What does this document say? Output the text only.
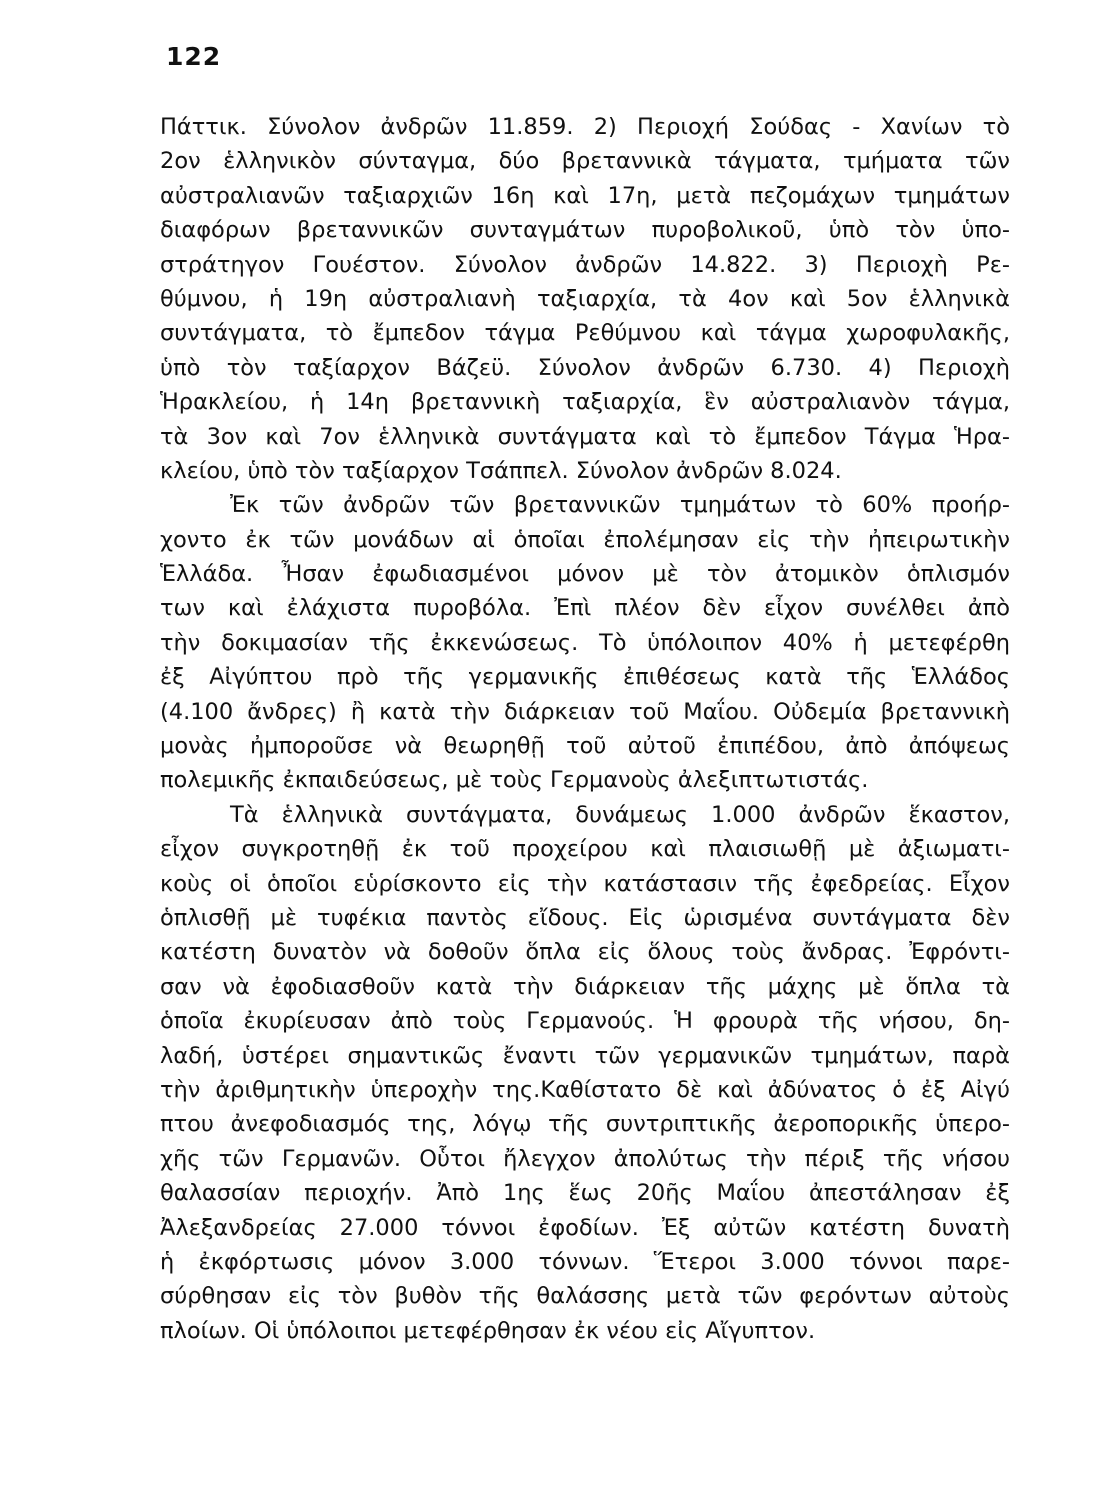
122
Πάττικ. Σύνολον ἀνδρῶν 11.859. 2) Περιοχή Σούδας - Χανίων τὸ
2ον ἑλληνικὸν σύνταγμα, δύο βρεταννικὰ τάγματα, τμήματα τῶν
αὐστραλιανῶν ταξιαρχιῶν 16η καὶ 17η, μετὰ πεζομάχων τμημάτων
διαφόρων βρεταννικῶν συνταγμάτων πυροβολικοῦ, ὑπὸ τὸν ὑπο-
στράτηγον Γουέστον. Σύνολον ἀνδρῶν 14.822. 3) Περιοχὴ Ρε-
θύμνου, ἡ 19η αὐστραλιανὴ ταξιαρχία, τὰ 4ον καὶ 5ον ἑλληνικὰ
συντάγματα, τὸ ἔμπεδον τάγμα Ρεθύμνου καὶ τάγμα χωροφυλακῆς,
ὑπὸ τὸν ταξίαρχον Βάζεϋ. Σύνολον ἀνδρῶν 6.730. 4) Περιοχὴ
Ἡρακλείου, ἡ 14η βρεταννικὴ ταξιαρχία, ἓν αὐστραλιανὸν τάγμα,
τὰ 3ον καὶ 7ον ἑλληνικὰ συντάγματα καὶ τὸ ἔμπεδον Τάγμα Ἡρα-
κλείου, ὑπὸ τὸν ταξίαρχον Τσάππελ. Σύνολον ἀνδρῶν 8.024.
Ἐκ τῶν ἀνδρῶν τῶν βρεταννικῶν τμημάτων τὸ 60% προήρ-
χοντο ἐκ τῶν μονάδων αἱ ὁποῖαι ἐπολέμησαν εἰς τὴν ἠπειρωτικὴν
Ἑλλάδα. Ἦσαν ἐφωδιασμένοι μόνον μὲ τὸν ἀτομικὸν ὁπλισμόν
των καὶ ἐλάχιστα πυροβόλα. Ἐπὶ πλέον δὲν εἶχον συνέλθει ἀπὸ
τὴν δοκιμασίαν τῆς ἐκκενώσεως. Τὸ ὑπόλοιπον 40% ἡ μετεφέρθη
ἐξ Αἰγύπτου πρὸ τῆς γερμανικῆς ἐπιθέσεως κατὰ τῆς Ἑλλάδος
(4.100 ἄνδρες) ἢ κατὰ τὴν διάρκειαν τοῦ Μαΐου. Οὐδεμία βρεταννικὴ
μονὰς ἠμποροῦσε νὰ θεωρηθῇ τοῦ αὐτοῦ ἐπιπέδου, ἀπὸ ἀπόψεως
πολεμικῆς ἐκπαιδεύσεως, μὲ τοὺς Γερμανοὺς ἀλεξιπτωτιστάς.
Τὰ ἑλληνικὰ συντάγματα, δυνάμεως 1.000 ἀνδρῶν ἕκαστον,
εἶχον συγκροτηθῇ ἐκ τοῦ προχείρου καὶ πλαισιωθῇ μὲ ἀξιωματι-
κοὺς οἱ ὁποῖοι εὑρίσκοντο εἰς τὴν κατάστασιν τῆς ἐφεδρείας. Εἶχον
ὁπλισθῇ μὲ τυφέκια παντὸς εἴδους. Εἰς ὡρισμένα συντάγματα δὲν
κατέστη δυνατὸν νὰ δοθοῦν ὅπλα εἰς ὅλους τοὺς ἄνδρας. Ἐφρόντι-
σαν νὰ ἐφοδιασθοῦν κατὰ τὴν διάρκειαν τῆς μάχης μὲ ὅπλα τὰ
ὁποῖα ἐκυρίευσαν ἀπὸ τοὺς Γερμανούς. Ἡ φρουρὰ τῆς νήσου, δη-
λαδή, ὑστέρει σημαντικῶς ἔναντι τῶν γερμανικῶν τμημάτων, παρὰ
τὴν ἀριθμητικὴν ὑπεροχὴν της.Καθίστατο δὲ καὶ ἀδύνατος ὁ ἐξ Αἰγύ
πτου ἀνεφοδιασμός της, λόγῳ τῆς συντριπτικῆς ἀεροπορικῆς ὑπερο-
χῆς τῶν Γερμανῶν. Οὗτοι ἤλεγχον ἀπολύτως τὴν πέριξ τῆς νήσου
θαλασσίαν περιοχήν. Ἀπὸ 1ης ἕως 20ῆς Μαΐου ἀπεστάλησαν ἐξ
Ἀλεξανδρείας 27.000 τόννοι ἐφοδίων. Ἐξ αὐτῶν κατέστη δυνατὴ
ἡ ἐκφόρτωσις μόνον 3.000 τόννων. Ἕτεροι 3.000 τόννοι παρε-
σύρθησαν εἰς τὸν βυθὸν τῆς θαλάσσης μετὰ τῶν φερόντων αὐτοὺς
πλοίων. Οἱ ὑπόλοιποι μετεφέρθησαν ἐκ νέου εἰς Αἴγυπτον.
